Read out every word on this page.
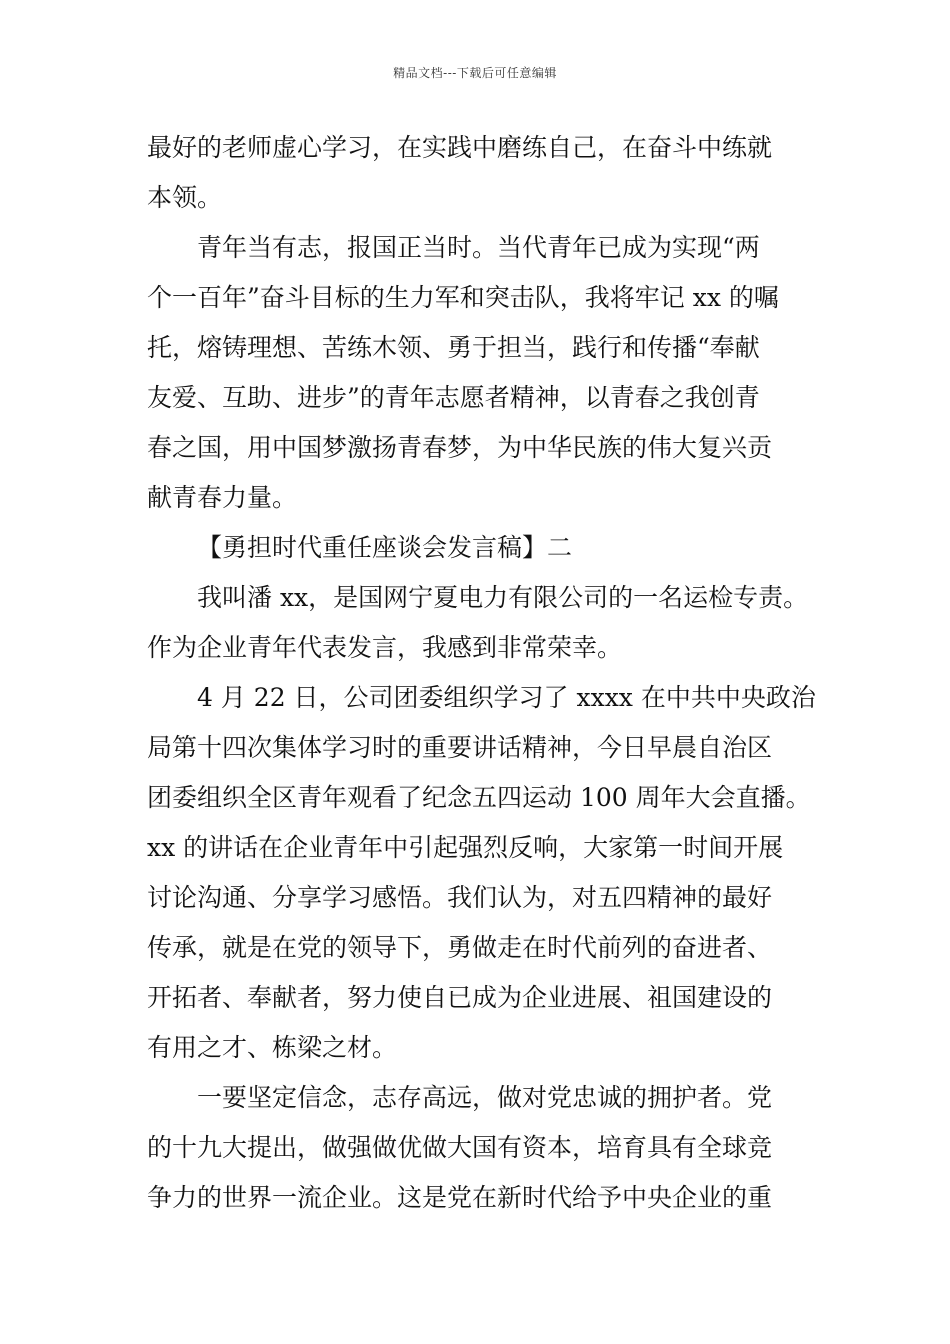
精品文档---下载后可任意编辑
最好的老师虚心学习，在实践中磨练自己，在奋斗中练就
本领。
青年当有志，报国正当时。当代青年已成为实现“两
个一百年”奋斗目标的生力军和突击队，我将牢记 xx 的嘱
托，熔铸理想、苦练木领、勇于担当，践行和传播“奉献
友爱、互助、进步”的青年志愿者精神，以青春之我创青
春之国，用中国梦激扬青春梦，为中华民族的伟大复兴贡
献青春力量。
【勇担时代重任座谈会发言稿】二
我叫潘 xx，是国网宁夏电力有限公司的一名运检专责。
作为企业青年代表发言，我感到非常荣幸。
4 月 22 日，公司团委组织学习了 xxxx 在中共中央政治
局第十四次集体学习时的重要讲话精神，今日早晨自治区
团委组织全区青年观看了纪念五四运动 100 周年大会直播。
xx 的讲话在企业青年中引起强烈反响，大家第一时间开展
讨论沟通、分享学习感悟。我们认为，对五四精神的最好
传承，就是在党的领导下，勇做走在时代前列的奋进者、
开拓者、奉献者，努力使自已成为企业进展、祖国建设的
有用之才、栋梁之材。
一要坚定信念，志存高远，做对党忠诚的拥护者。党
的十九大提出，做强做优做大国有资本，培育具有全球竞
争力的世界一流企业。这是党在新时代给予中央企业的重
